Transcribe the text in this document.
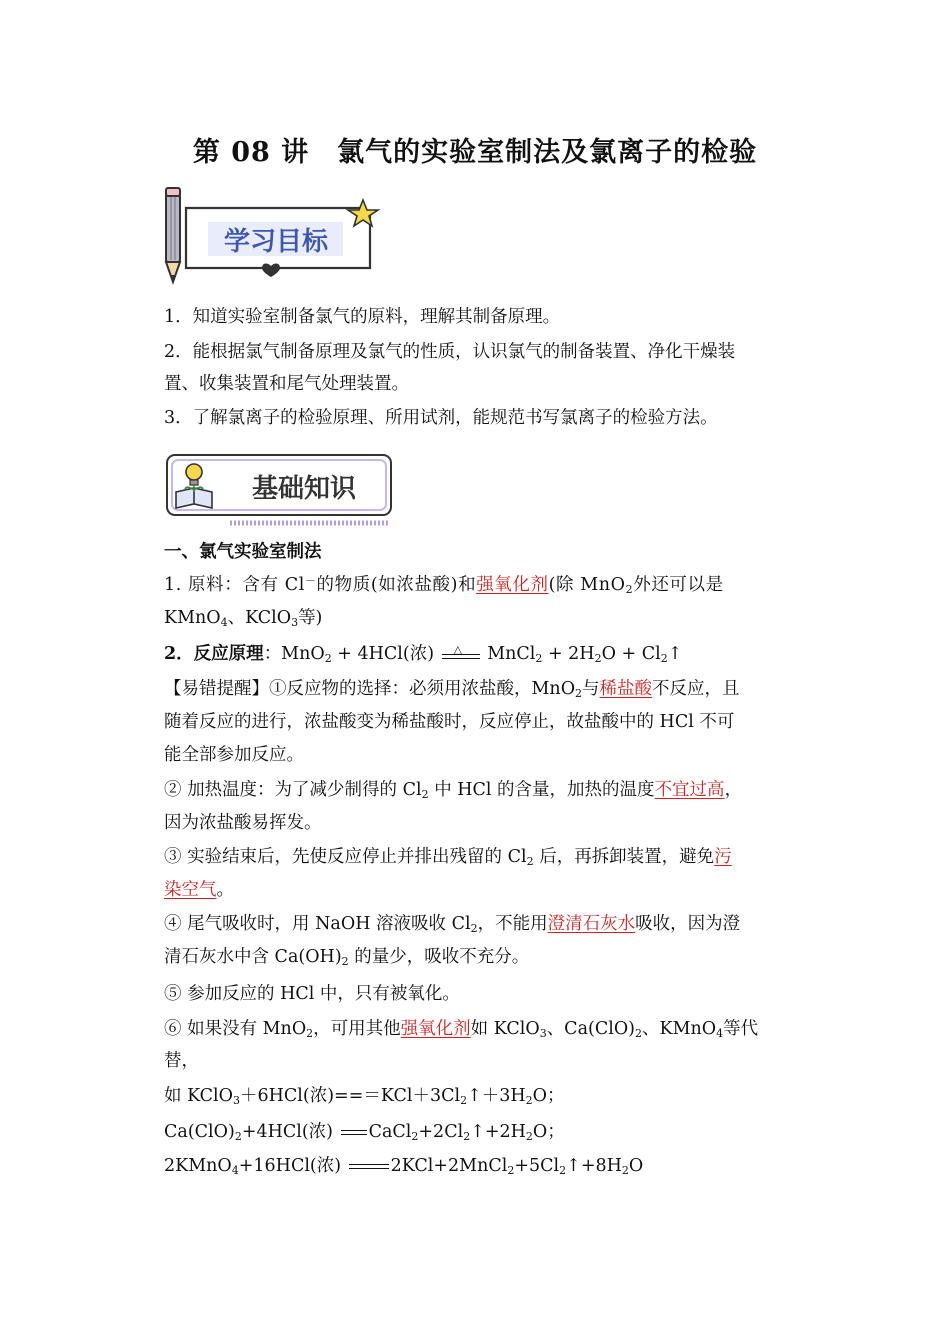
第 08 讲　氯气的实验室制法及氯离子的检验
学习目标
1．知道实验室制备氯气的原料，理解其制备原理。
2．能根据氯气制备原理及氯气的性质，认识氯气的制备装置、净化干燥装
置、收集装置和尾气处理装置。
3．了解氯离子的检验原理、所用试剂，能规范书写氯离子的检验方法。
基础知识
一、氯气实验室制法
1. 原料：含有 Cl－的物质(如浓盐酸)和强氧化剂(除 MnO$_2$外还可以是
KMnO$_4$、KClO$_3$等)
2．反应原理：MnO$_2$ + 4HCl(浓) △ MnCl$_2$ + $2H_2O$ + $Cl_2↑$
【易错提醒】①反应物的选择：必须用浓盐酸，MnO$_2$与稀盐酸不反应，且
随着反应的进行，浓盐酸变为稀盐酸时，反应停止，故盐酸中的 HCl 不可
能全部参加反应。
② 加热温度：为了减少制得的 $Cl_2$ 中 HCl 的含量，加热的温度不宜过高，
因为浓盐酸易挥发。
③ 实验结束后，先使反应停止并排出残留的 $Cl_2$ 后，再拆卸装置，避免污
染空气。
④ 尾气吸收时，用 NaOH 溶液吸收 $Cl_2$，不能用澄清石灰水吸收，因为澄
清石灰水中含 $Ca(OH)_2$ 的量少，吸收不充分。
⑤ 参加反应的 HCl 中，只有被氧化。
⑥ 如果没有 MnO$_2$，可用其他强氧化剂如 KClO$_3$、$Ca(ClO)_2$、KMnO$_4$等代
替，
如 KClO$_3$＋6HCl(浓)$===KCl+3Cl_2↑+3H_2O$；
$Ca(ClO)_2+4HCl$(浓)
$CaCl_2+2Cl_2↑+2H_2O$；
2KMnO$_4$+16HCl(浓)	$2KCl+2MnCl_2+5Cl_2↑+8H_2O$
